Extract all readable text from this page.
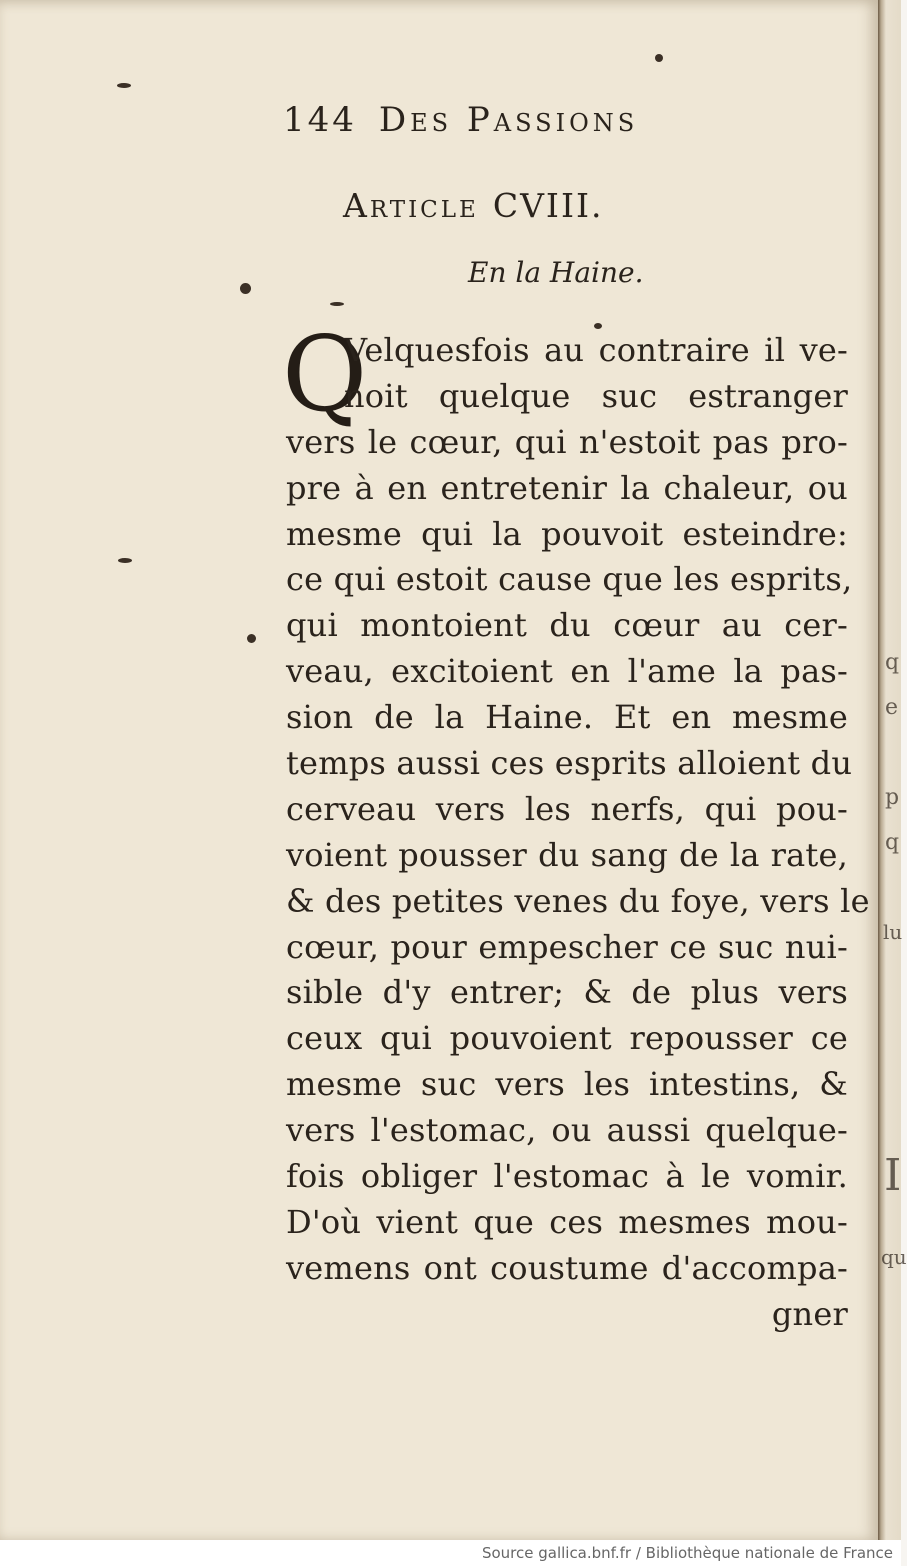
144 Des Passions
Article CVIII.
En la Haine.
Q
Velquesfois au contraire il ve-
noit quelque suc estranger
vers le cœur, qui n'estoit pas pro-
pre à en entretenir la chaleur, ou
mesme qui la pouvoit esteindre:
ce qui estoit cause que les esprits,
qui montoient du cœur au cer-
veau, excitoient en l'ame la pas-
sion de la Haine. Et en mesme
temps aussi ces esprits alloient du
cerveau vers les nerfs, qui pou-
voient pousser du sang de la rate,
& des petites venes du foye, vers le
cœur, pour empescher ce suc nui-
sible d'y entrer; & de plus vers
ceux qui pouvoient repousser ce
mesme suc vers les intestins, &
vers l'estomac, ou aussi quelque-
fois obliger l'estomac à le vomir.
D'où vient que ces mesmes mou-
vemens ont coustume d'accompa-
gner
q
e
p
q
lu
I
qu
Source gallica.bnf.fr / Bibliothèque nationale de France
